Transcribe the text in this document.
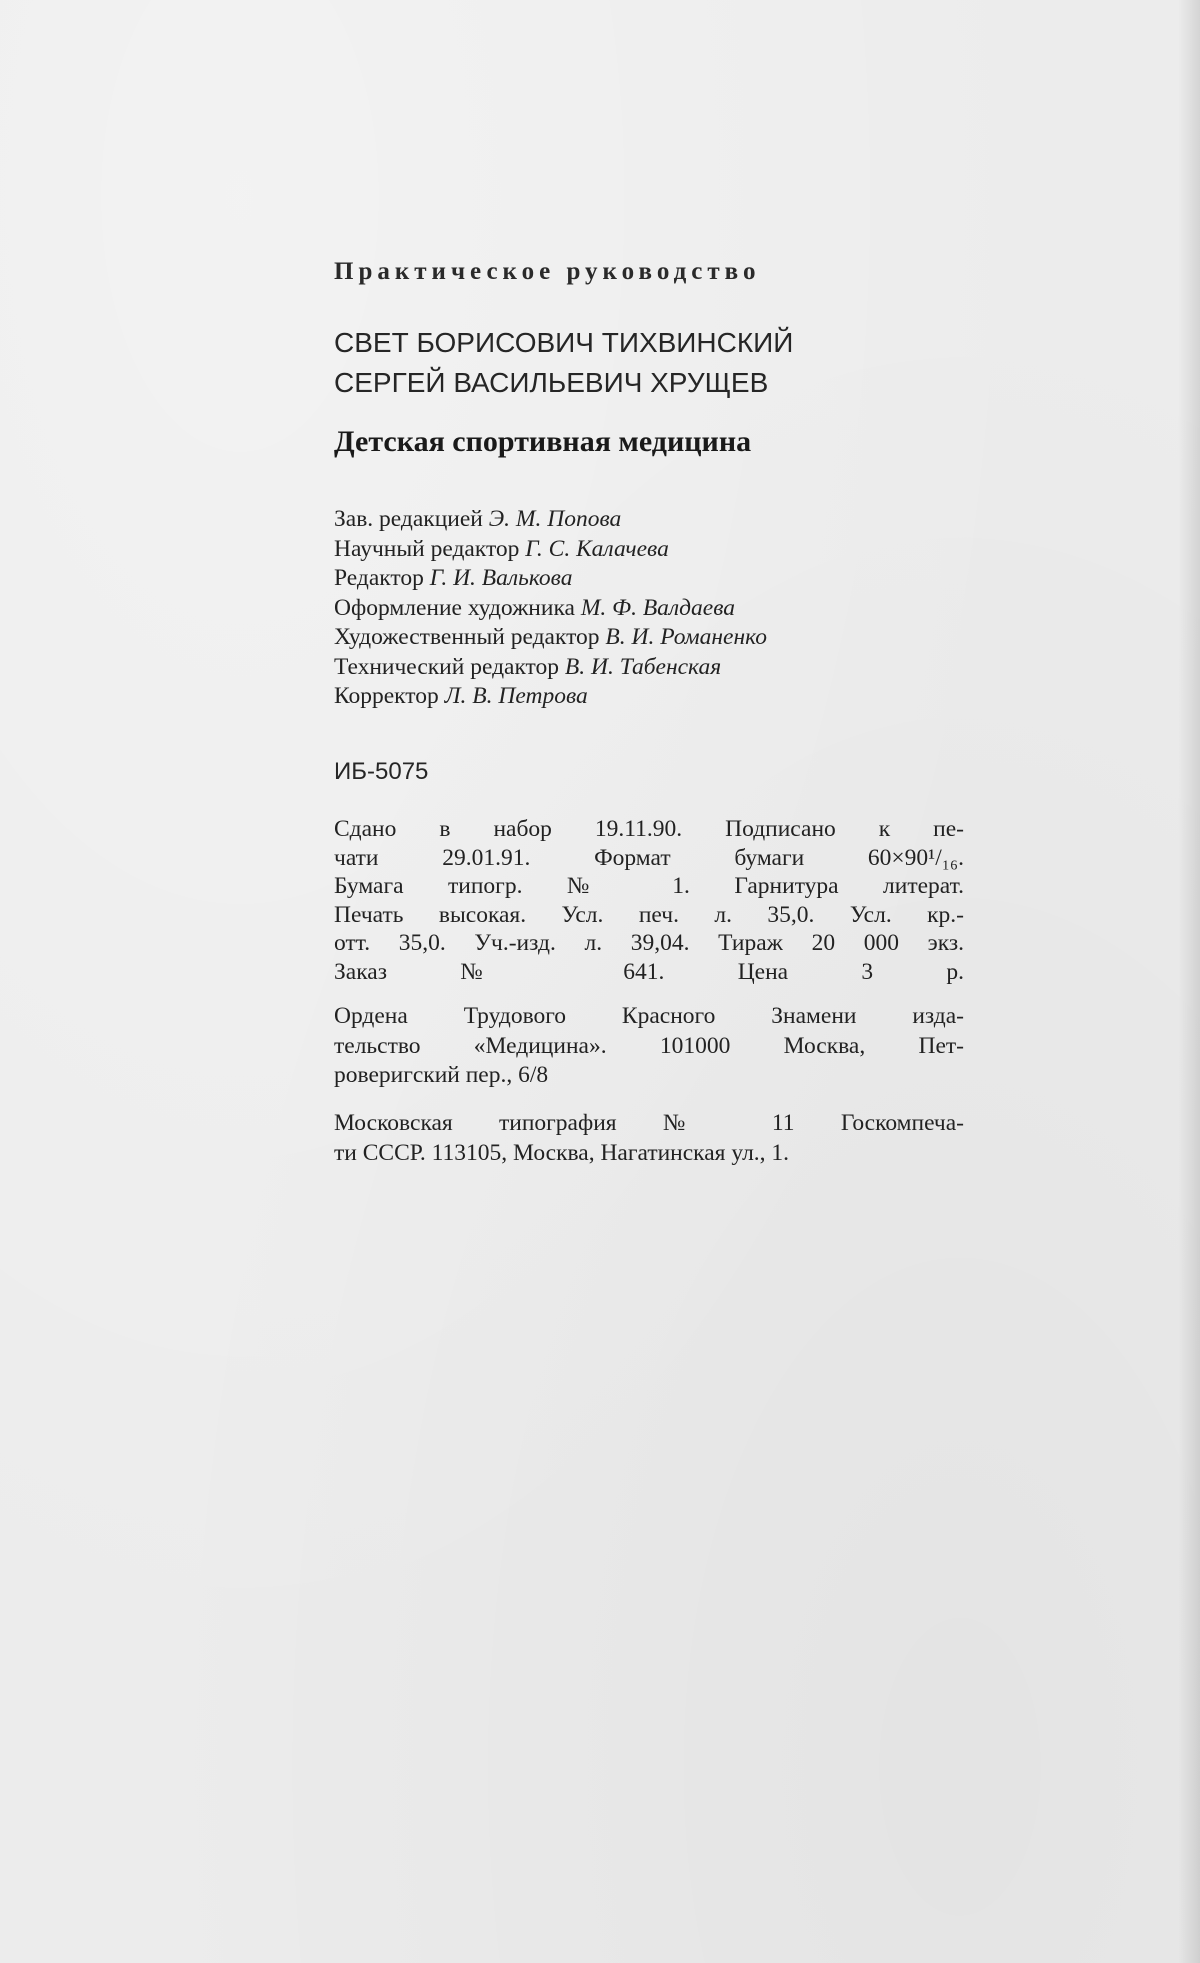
Практическое руководство
СВЕТ БОРИСОВИЧ ТИХВИНСКИЙ
СЕРГЕЙ ВАСИЛЬЕВИЧ ХРУЩЕВ
Детская спортивная медицина
Зав. редакцией Э. М. Попова
Научный редактор Г. С. Калачева
Редактор Г. И. Валькова
Оформление художника М. Ф. Валдаева
Художественный редактор В. И. Романенко
Технический редактор В. И. Табенская
Корректор Л. В. Петрова
ИБ-5075
Сдано в набор 19.11.90. Подписано к пе-
чати 29.01.91. Формат бумаги 60×90¹/₁₆.
Бумага типогр. № 1. Гарнитура литерат.
Печать высокая. Усл. печ. л. 35,0. Усл. кр.-
отт. 35,0. Уч.-изд. л. 39,04. Тираж 20 000 экз.
Заказ № 641. Цена 3 р.
Ордена Трудового Красного Знамени изда-
тельство «Медицина». 101000 Москва, Пет-
роверигский пер., 6/8
Московская типография № 11 Госкомпеча-
ти СССР. 113105, Москва, Нагатинская ул., 1.
